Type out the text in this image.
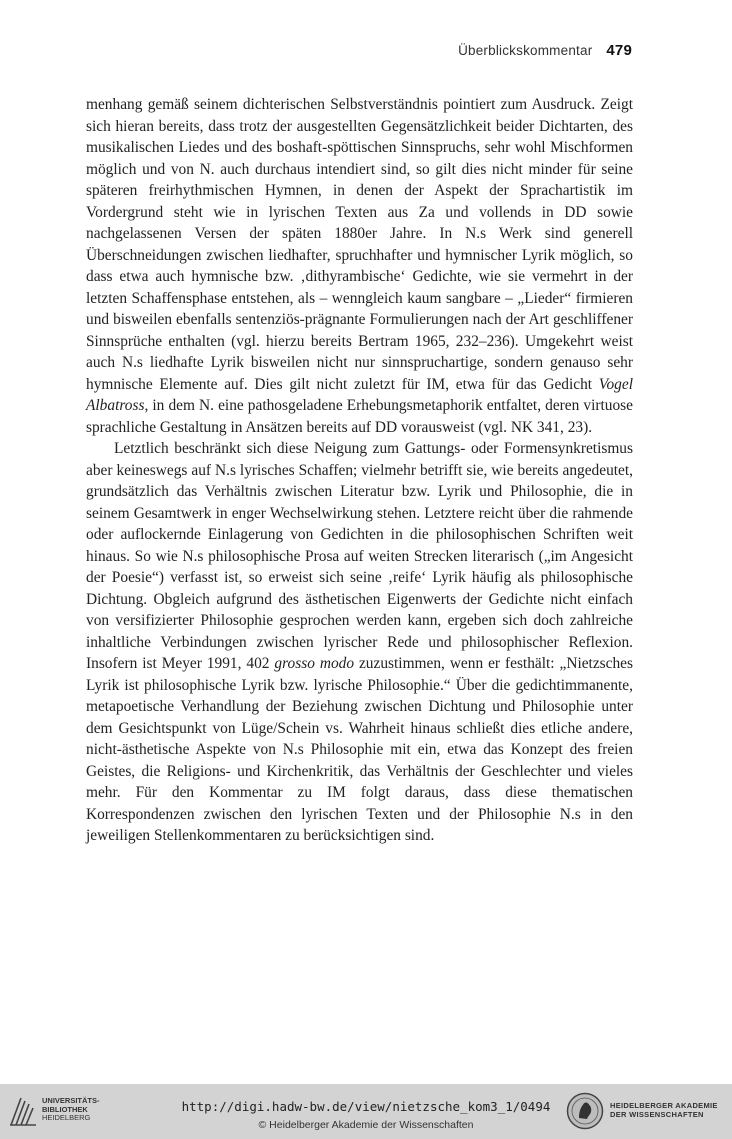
Überblickskommentar 479

menhang gemäß seinem dichterischen Selbstverständnis pointiert zum Ausdruck. Zeigt sich hieran bereits, dass trotz der ausgestellten Gegensätzlichkeit beider Dichtarten, des musikalischen Liedes und des boshaft-spöttischen Sinnspruchs, sehr wohl Mischformen möglich und von N. auch durchaus intendiert sind, so gilt dies nicht minder für seine späteren freirhythmischen Hymnen, in denen der Aspekt der Sprachartistik im Vordergrund steht wie in lyrischen Texten aus Za und vollends in DD sowie nachgelassenen Versen der späten 1880er Jahre. In N.s Werk sind generell Überschneidungen zwischen liedhafter, spruchhafter und hymnischer Lyrik möglich, so dass etwa auch hymnische bzw. ‚dithyrambische‘ Gedichte, wie sie vermehrt in der letzten Schaffensphase entstehen, als – wenngleich kaum sangbare – „Lieder“ firmieren und bisweilen ebenfalls sentenziös-prägnante Formulierungen nach der Art geschliffener Sinnsprüche enthalten (vgl. hierzu bereits Bertram 1965, 232–236). Umgekehrt weist auch N.s liedhafte Lyrik bisweilen nicht nur sinnspruchartige, sondern genauso sehr hymnische Elemente auf. Dies gilt nicht zuletzt für IM, etwa für das Gedicht Vogel Albatross, in dem N. eine pathosgeladene Erhebungsmetaphorik entfaltet, deren virtuose sprachliche Gestaltung in Ansätzen bereits auf DD vorausweist (vgl. NK 341, 23).

Letztlich beschränkt sich diese Neigung zum Gattungs- oder Formensynkretismus aber keineswegs auf N.s lyrisches Schaffen; vielmehr betrifft sie, wie bereits angedeutet, grundsätzlich das Verhältnis zwischen Literatur bzw. Lyrik und Philosophie, die in seinem Gesamtwerk in enger Wechselwirkung stehen. Letztere reicht über die rahmende oder auflockernde Einlagerung von Gedichten in die philosophischen Schriften weit hinaus. So wie N.s philosophische Prosa auf weiten Strecken literarisch („im Angesicht der Poesie“) verfasst ist, so erweist sich seine ‚reife‘ Lyrik häufig als philosophische Dichtung. Obgleich aufgrund des ästhetischen Eigenwerts der Gedichte nicht einfach von versifizierter Philosophie gesprochen werden kann, ergeben sich doch zahlreiche inhaltliche Verbindungen zwischen lyrischer Rede und philosophischer Reflexion. Insofern ist Meyer 1991, 402 grosso modo zuzustimmen, wenn er festhält: „Nietzsches Lyrik ist philosophische Lyrik bzw. lyrische Philosophie.“ Über die gedichtimmanente, metapoetische Verhandlung der Beziehung zwischen Dichtung und Philosophie unter dem Gesichtspunkt von Lüge/Schein vs. Wahrheit hinaus schließt dies etliche andere, nicht-ästhetische Aspekte von N.s Philosophie mit ein, etwa das Konzept des freien Geistes, die Religions- und Kirchenkritik, das Verhältnis der Geschlechter und vieles mehr. Für den Kommentar zu IM folgt daraus, dass diese thematischen Korrespondenzen zwischen den lyrischen Texten und der Philosophie N.s in den jeweiligen Stellenkommentaren zu berücksichtigen sind.

UNIVERSITÄTS-
BIBLIOTHEK
HEIDELBERG
http://digi.hadw-bw.de/view/nietzsche_kom3_1/0494
© Heidelberger Akademie der Wissenschaften
HEIDELBERGER AKADEMIE
DER WISSENSCHAFTEN
